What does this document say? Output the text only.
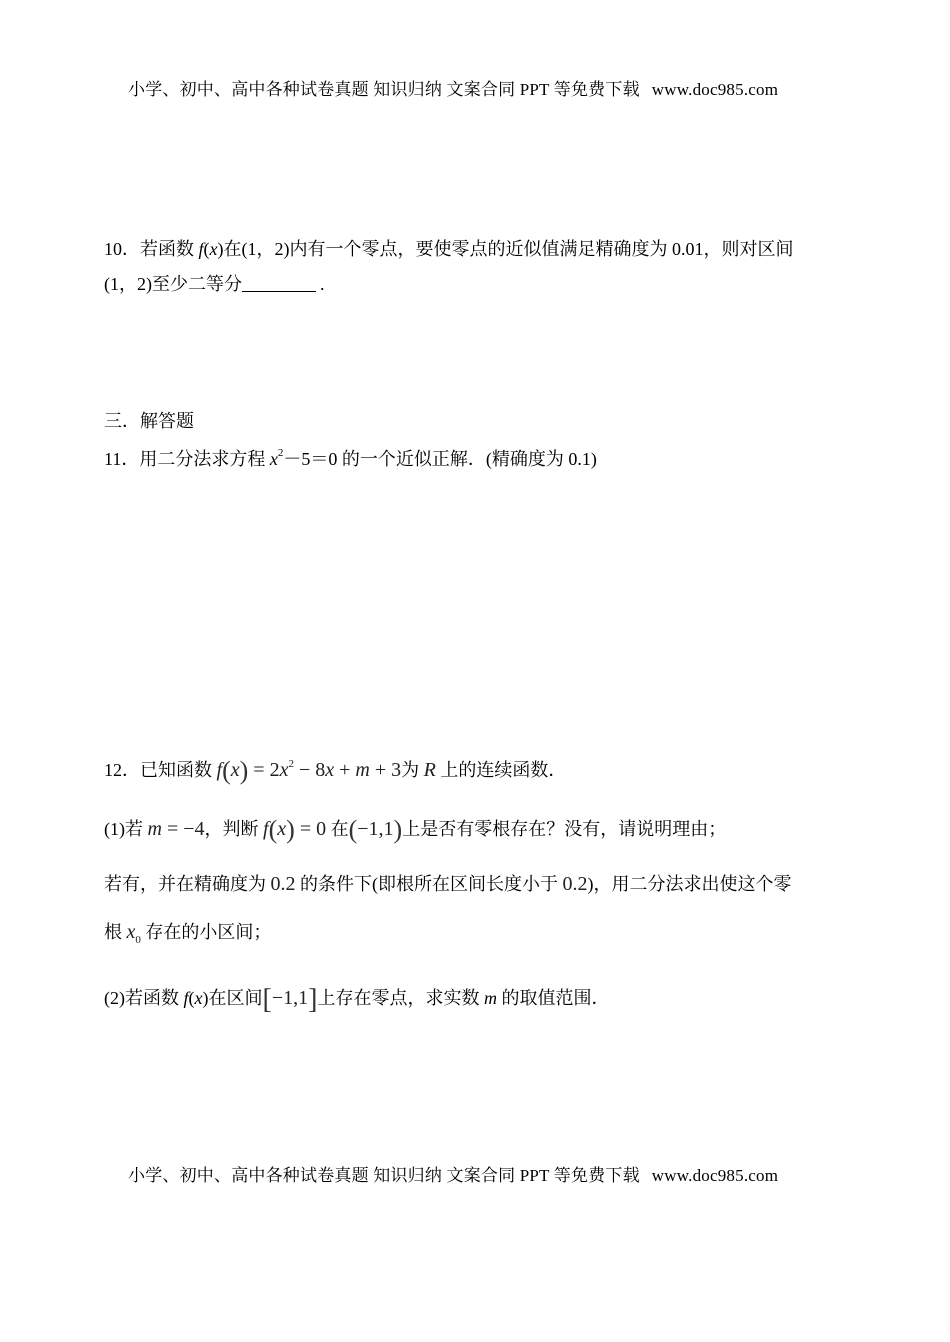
小学、初中、高中各种试卷真题 知识归纳 文案合同 PPT 等免费下载 www.doc985.com
10．若函数 f(x)在(1，2)内有一个零点，要使零点的近似值满足精确度为 0.01，则对区间
(1，2)至少二等分	.
三．解答题
11．用二分法求方程 $x^2-5=0$ 的一个近似正解．(精确度为 0.1)
12．已知函数 $f(x) = 2x^2 - 8x + m + 3$为 R 上的连续函数．
(1)若 m = −4，判断 f(x) = 0 在(−1,1)上是否有零根存在？没有，请说明理由；
若有，并在精确度为 0.2 的条件下(即根所在区间长度小于 0.2)，用二分法求出使这个零
根 $x_0$ 存在的小区间；
(2)若函数 f(x)在区间[−1,1]上存在零点，求实数 m 的取值范围．
小学、初中、高中各种试卷真题 知识归纳 文案合同 PPT 等免费下载 www.doc985.com
